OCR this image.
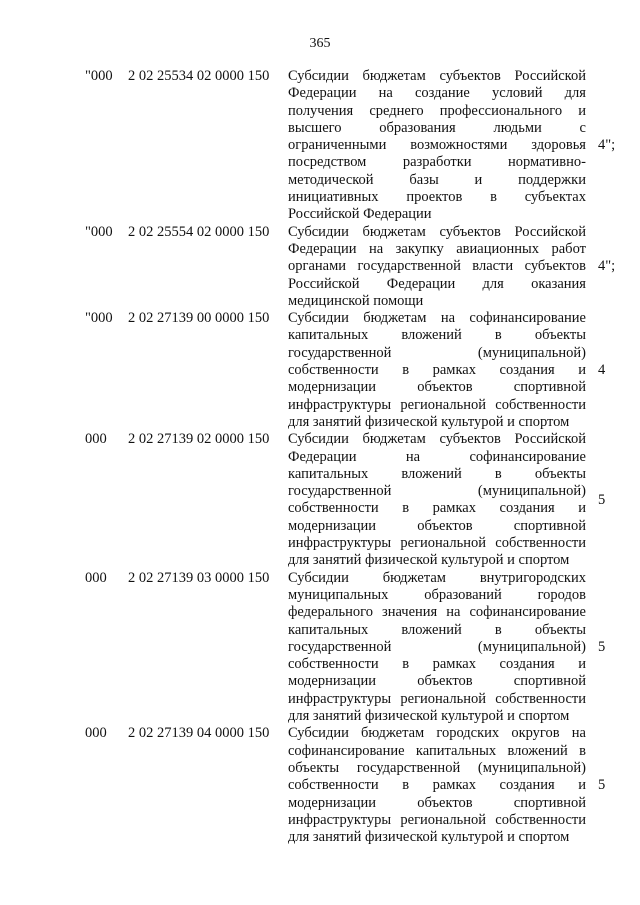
365
"000 2 02 25534 02 0000 150 Субсидии бюджетам субъектов Российской
Федерации на создание условий для
получения среднего профессионального и
высшего	образования	людьми	с
ограниченными возможностями здоровья
посредством	разработки	нормативно-
методической базы и поддержки
инициативных проектов в субъектах
Российской Федерации
4";
"000 2 02 25554 02 0000 150 Субсидии бюджетам субъектов Российской
Федерации на закупку авиационных работ
органами государственной власти субъектов
Российской Федерации для оказания
медицинской помощи
4";
"000 2 02 27139 00 0000 150 Субсидии бюджетам на софинансирование
капитальных вложений в объекты
государственной	(муниципальной)
собственности в рамках создания и
модернизации	объектов	спортивной
инфраструктуры региональной собственности
для занятий физической культурой и спортом
4
000 2 02 27139 02 0000 150 Субсидии бюджетам субъектов Российской
Федерации	на	софинансирование
капитальных вложений в объекты
государственной	(муниципальной)
собственности в рамках создания и
модернизации	объектов	спортивной
инфраструктуры региональной собственности
для занятий физической культурой и спортом
5
000 2 02 27139 03 0000 150 Субсидии бюджетам внутригородских
муниципальных образований городов
федерального значения на софинансирование
капитальных вложений в объекты
государственной	(муниципальной)
собственности в рамках создания и
модернизации	объектов	спортивной
инфраструктуры региональной собственности
для занятий физической культурой и спортом
5
000 2 02 27139 04 0000 150 Субсидии бюджетам городских округов на
софинансирование капитальных вложений в
объекты государственной (муниципальной)
собственности в рамках создания и
модернизации	объектов	спортивной
инфраструктуры региональной собственности
для занятий физической культурой и спортом
5
